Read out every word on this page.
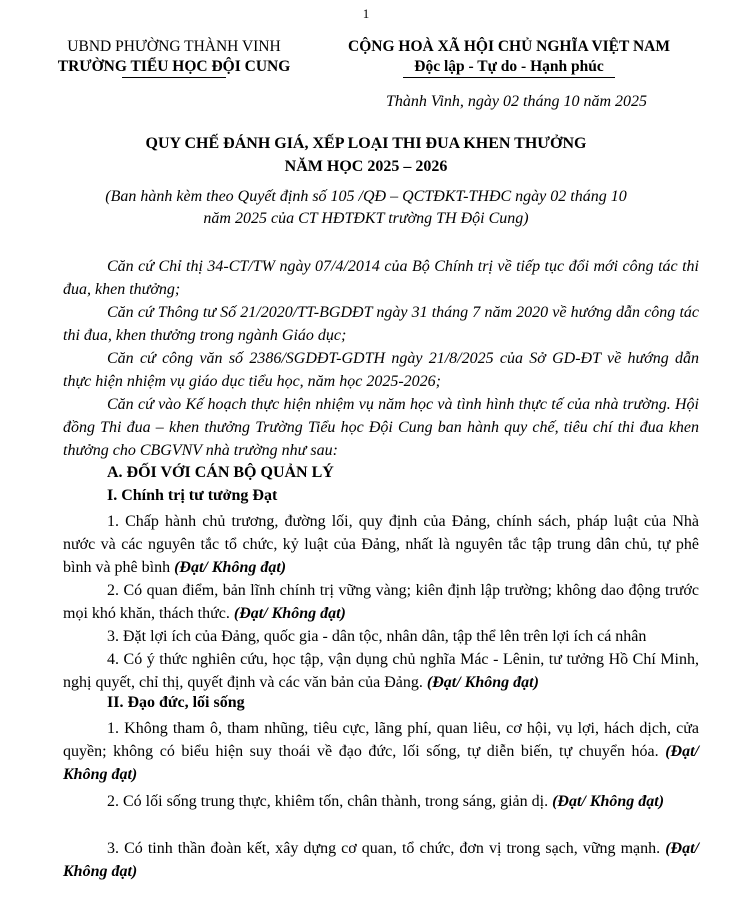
1
UBND PHƯỜNG THÀNH VINH
TRƯỜNG TIỂU HỌC ĐỘI CUNG
CỘNG HOÀ XÃ HỘI CHỦ NGHĨA VIỆT NAM
Độc lập - Tự do - Hạnh phúc
Thành Vinh, ngày 02 tháng 10 năm 2025
QUY CHẾ ĐÁNH GIÁ, XẾP LOẠI THI ĐUA KHEN THƯỞNG
NĂM HỌC 2025 – 2026
(Ban hành kèm theo Quyết định số 105 /QĐ – QCTĐKT-THĐC ngày 02 tháng 10
năm 2025 của CT HĐTĐKT trường TH Đội Cung)
Căn cứ Chỉ thị 34-CT/TW ngày 07/4/2014 của Bộ Chính trị về tiếp tục đổi mới công tác thi đua, khen thưởng;
Căn cứ Thông tư Số 21/2020/TT-BGDĐT ngày 31 tháng 7 năm 2020 về hướng dẫn công tác thi đua, khen thưởng trong ngành Giáo dục;
Căn cứ công văn số 2386/SGDĐT-GDTH ngày 21/8/2025 của Sở GD-ĐT về hướng dẫn thực hiện nhiệm vụ giáo dục tiểu học, năm học 2025-2026;
Căn cứ vào Kế hoạch thực hiện nhiệm vụ năm học và tình hình thực tế của nhà trường. Hội đồng Thi đua – khen thưởng Trường Tiểu học Đội Cung ban hành quy chế, tiêu chí thi đua khen thưởng cho CBGVNV nhà trường như sau:
A. ĐỐI VỚI CÁN BỘ QUẢN LÝ
I. Chính trị tư tưởng Đạt
1. Chấp hành chủ trương, đường lối, quy định của Đảng, chính sách, pháp luật của Nhà nước và các nguyên tắc tổ chức, kỷ luật của Đảng, nhất là nguyên tắc tập trung dân chủ, tự phê bình và phê bình (Đạt/ Không đạt)
2. Có quan điểm, bản lĩnh chính trị vững vàng; kiên định lập trường; không dao động trước mọi khó khăn, thách thức. (Đạt/ Không đạt)
3. Đặt lợi ích của Đảng, quốc gia - dân tộc, nhân dân, tập thể lên trên lợi ích cá nhân
4. Có ý thức nghiên cứu, học tập, vận dụng chủ nghĩa Mác - Lênin, tư tưởng Hồ Chí Minh, nghị quyết, chỉ thị, quyết định và các văn bản của Đảng. (Đạt/ Không đạt)
II. Đạo đức, lối sống
1. Không tham ô, tham nhũng, tiêu cực, lãng phí, quan liêu, cơ hội, vụ lợi, hách dịch, cửa quyền; không có biểu hiện suy thoái về đạo đức, lối sống, tự diễn biến, tự chuyển hóa. (Đạt/ Không đạt)
2. Có lối sống trung thực, khiêm tốn, chân thành, trong sáng, giản dị. (Đạt/ Không đạt)
3. Có tinh thần đoàn kết, xây dựng cơ quan, tổ chức, đơn vị trong sạch, vững mạnh. (Đạt/ Không đạt)
